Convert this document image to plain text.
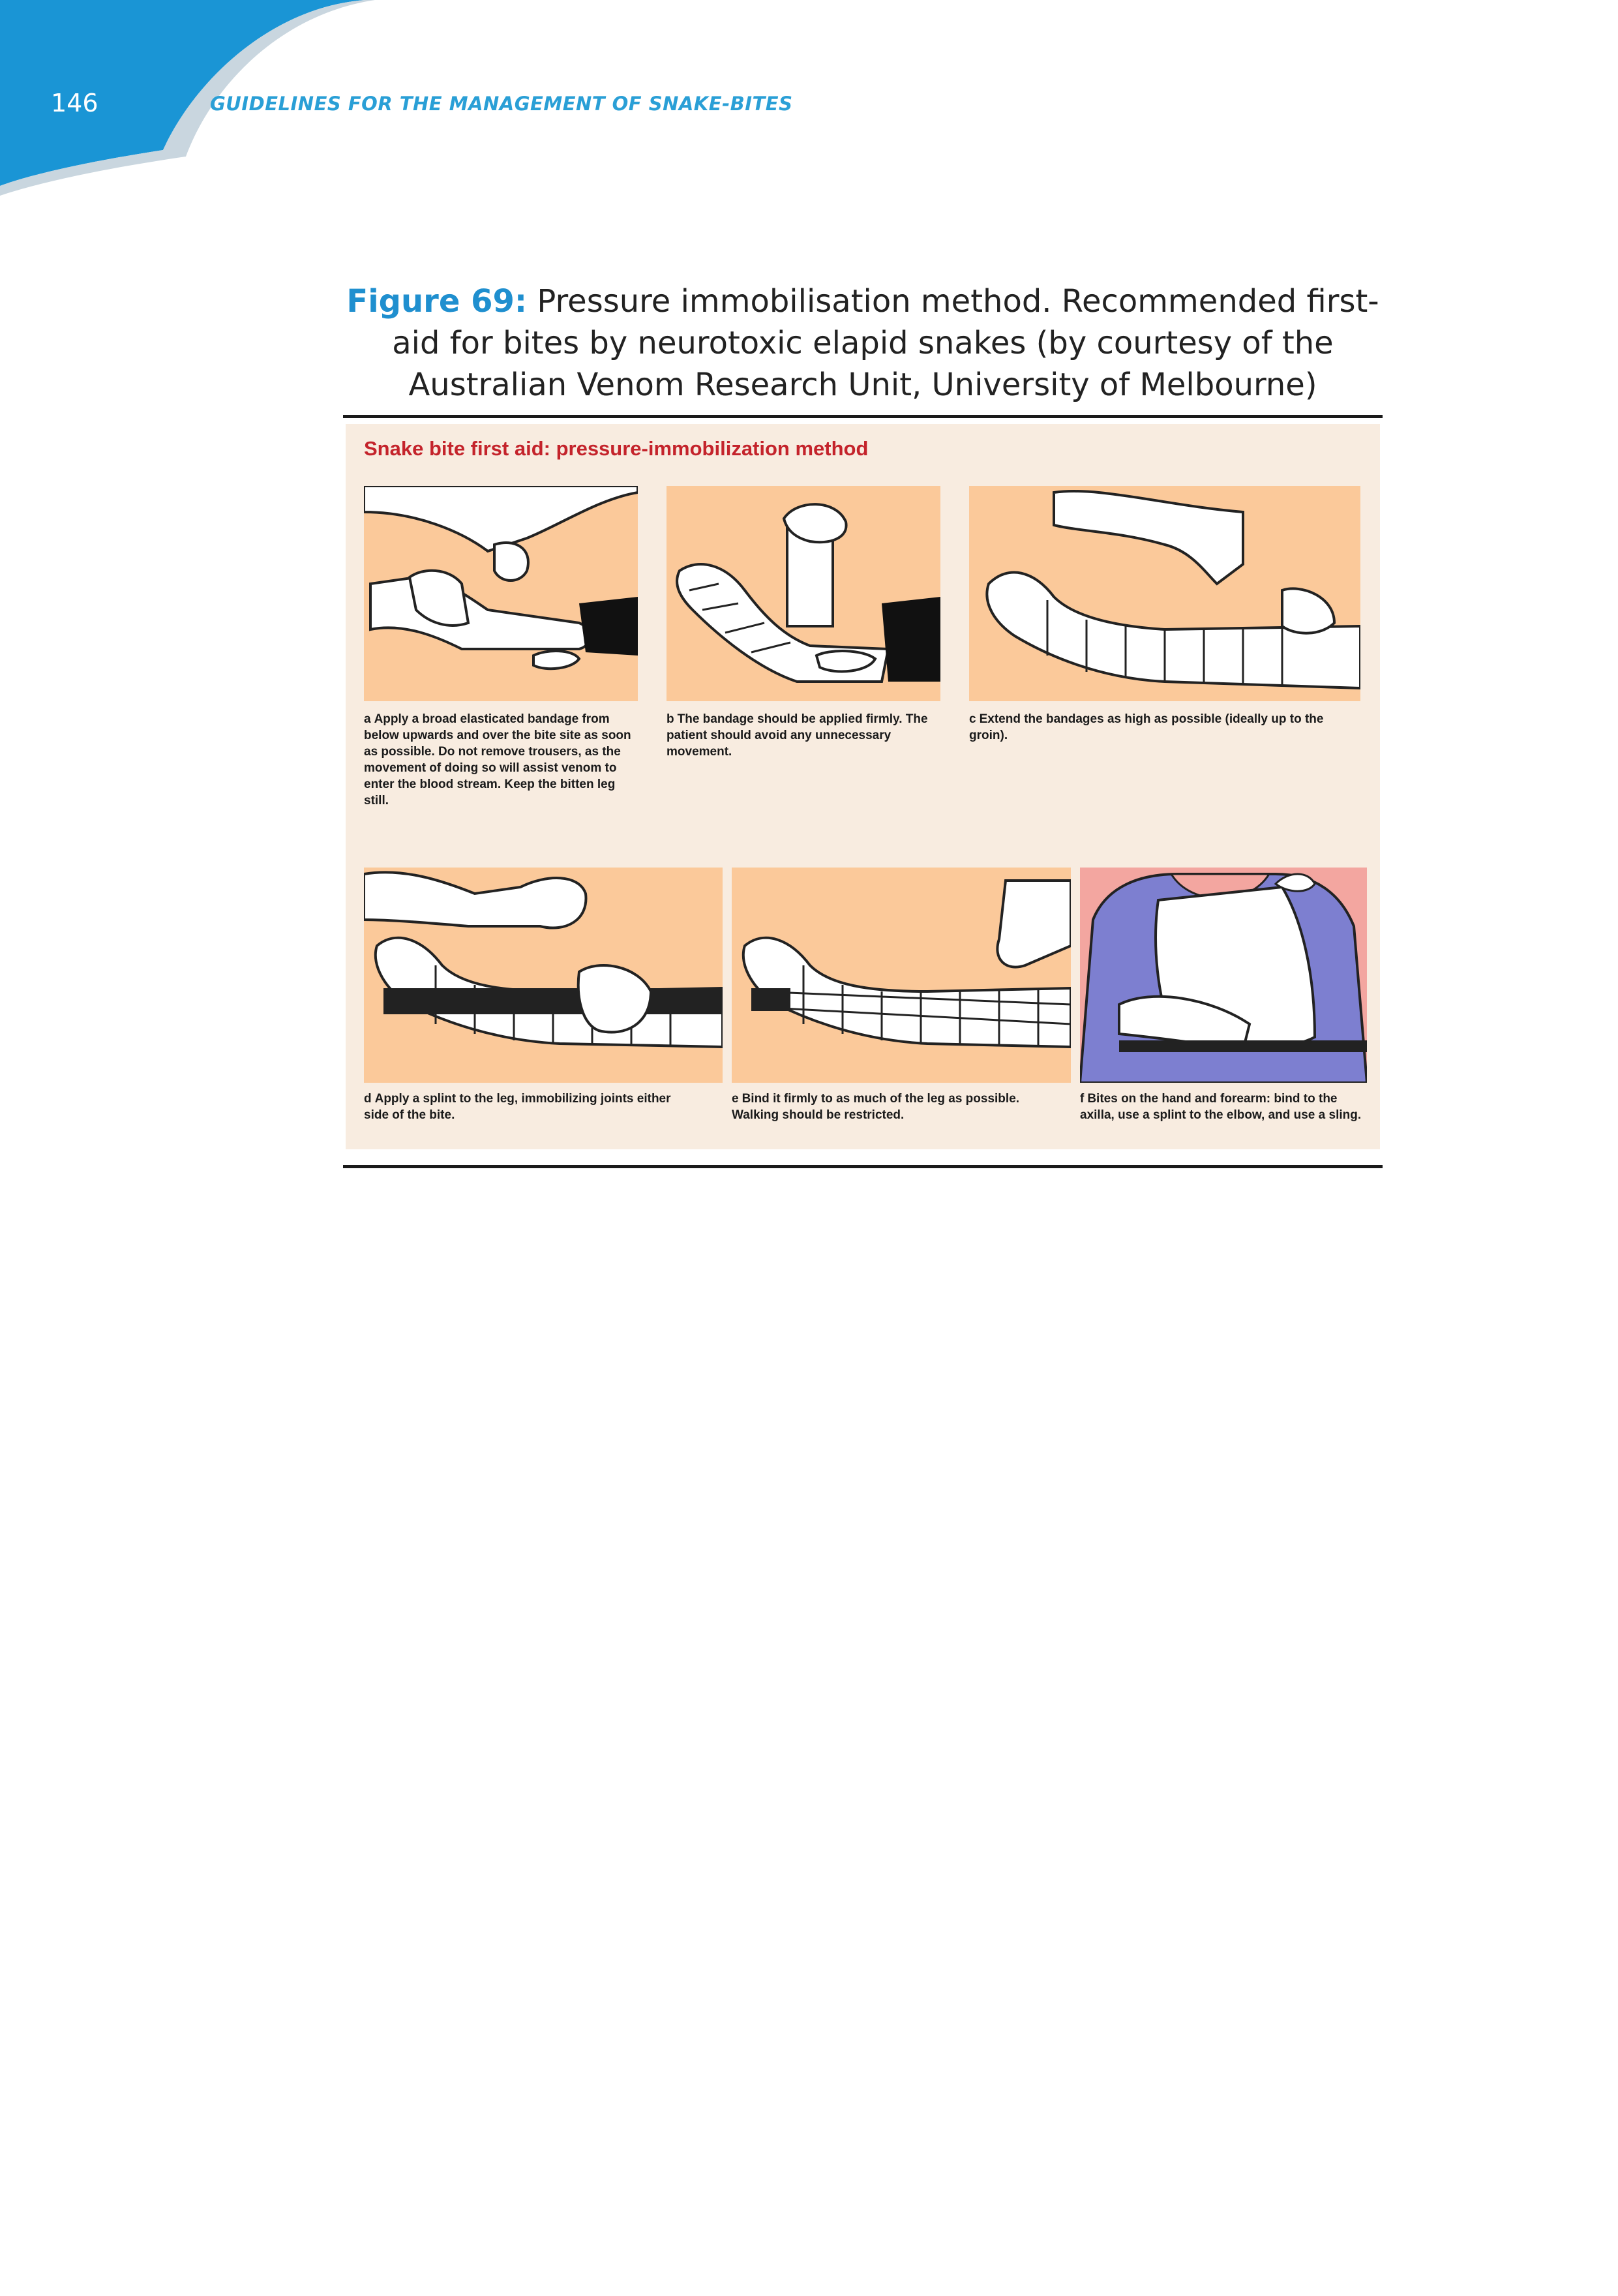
146	GUIDELINES FOR THE MANAGEMENT OF SNAKE-BITES
Figure 69: Pressure immobilisation method. Recommended first-aid for bites by neurotoxic elapid snakes (by courtesy of the Australian Venom Research Unit, University of Melbourne)
Snake bite first aid: pressure-immobilization method
a Apply a broad elasticated bandage from below upwards and over the bite site as soon as possible. Do not remove trousers, as the movement of doing so will assist venom to enter the blood stream. Keep the bitten leg still.
b The bandage should be applied firmly. The patient should avoid any unnecessary movement.
c Extend the bandages as high as possible (ideally up to the groin).
d Apply a splint to the leg, immobilizing joints either side of the bite.
e Bind it firmly to as much of the leg as possible. Walking should be restricted.
f Bites on the hand and forearm: bind to the axilla, use a splint to the elbow, and use a sling.
